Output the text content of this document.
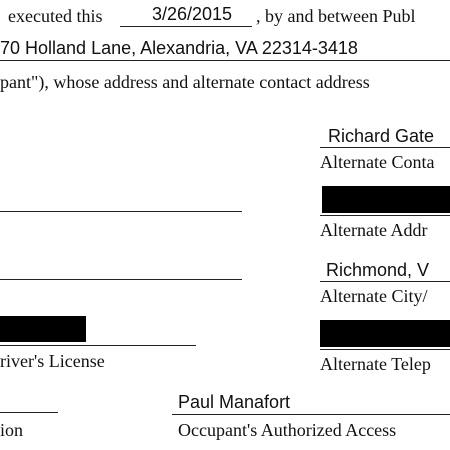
executed this	3/26/2015	, by and between Publ
70 Holland Lane, Alexandria, VA 22314-3418
pant"), whose address and alternate contact address
Richard Gate
Alternate Conta
Alternate Addr
Richmond, V
Alternate City/
river's License	Alternate Telep
ion
Paul Manafort
Occupant's Authorized Access
